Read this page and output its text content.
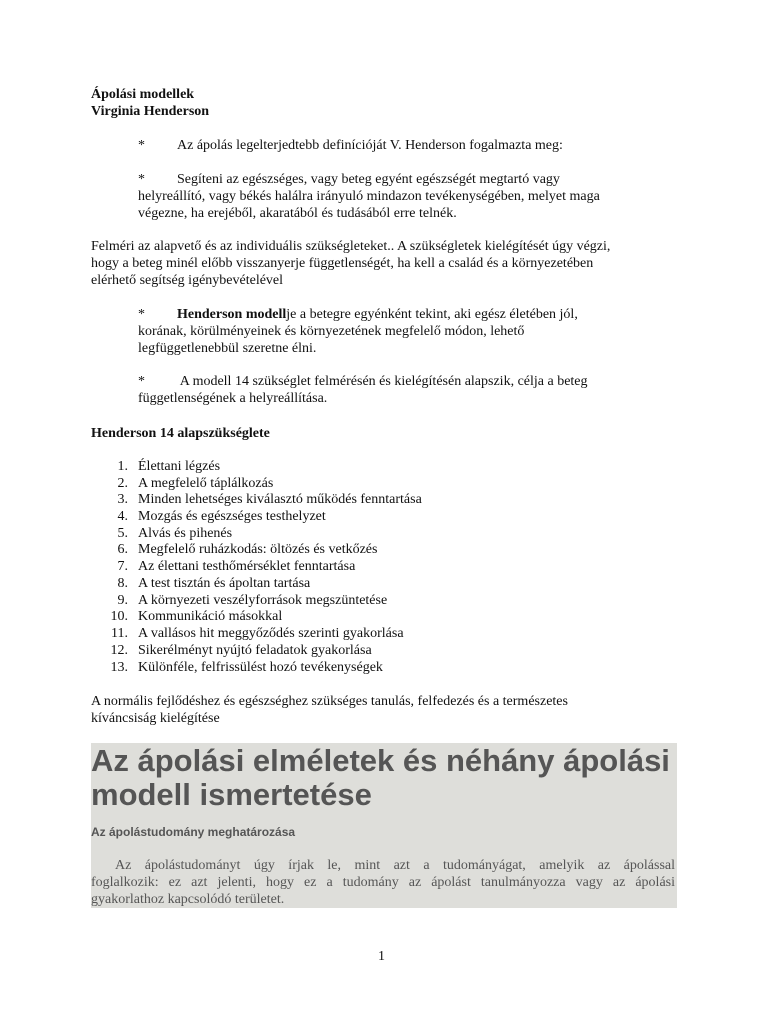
Ápolási modellek
Virginia Henderson
* Az ápolás legelterjedtebb definícióját V. Henderson fogalmazta meg:
* Segíteni az egészséges, vagy beteg egyént egészségét megtartó vagy
helyreállító, vagy békés halálra irányuló mindazon tevékenységében, melyet maga
végezne, ha erejéből, akaratából és tudásából erre telnék.
Felméri az alapvető és az individuális szükségleteket.. A szükségletek kielégítését úgy végzi,
hogy a beteg minél előbb visszanyerje függetlenségét, ha kell a család és a környezetében
elérhető segítség igénybevételével
* Henderson modellje a betegre egyénként tekint, aki egész életében jól,
korának, körülményeinek és környezetének megfelelő módon, lehető
legfüggetlenebbül szeretne élni.
* A modell 14 szükséglet felmérésén és kielégítésén alapszik, célja a beteg
függetlenségének a helyreállítása.
Henderson 14 alapszükséglete
1. Élettani légzés
2. A megfelelő táplálkozás
3. Minden lehetséges kiválasztó működés fenntartása
4. Mozgás és egészséges testhelyzet
5. Alvás és pihenés
6. Megfelelő ruházkodás: öltözés és vetkőzés
7. Az élettani testhőmérséklet fenntartása
8. A test tisztán és ápoltan tartása
9. A környezeti veszélyforrások megszüntetése
10. Kommunikáció másokkal
11. A vallásos hit meggyőződés szerinti gyakorlása
12. Sikerélményt nyújtó feladatok gyakorlása
13. Különféle, felfrissülést hozó tevékenységek
A normális fejlődéshez és egészséghez szükséges tanulás, felfedezés és a természetes
kíváncsiság kielégítése
Az ápolási elméletek és néhány ápolási
modell ismertetése
Az ápolástudomány meghatározása
Az ápolástudományt úgy írjak le, mint azt a tudományágat, amelyik az ápolással
foglalkozik: ez azt jelenti, hogy ez a tudomány az ápolást tanulmányozza vagy az ápolási
gyakorlathoz kapcsolódó területet.
1
